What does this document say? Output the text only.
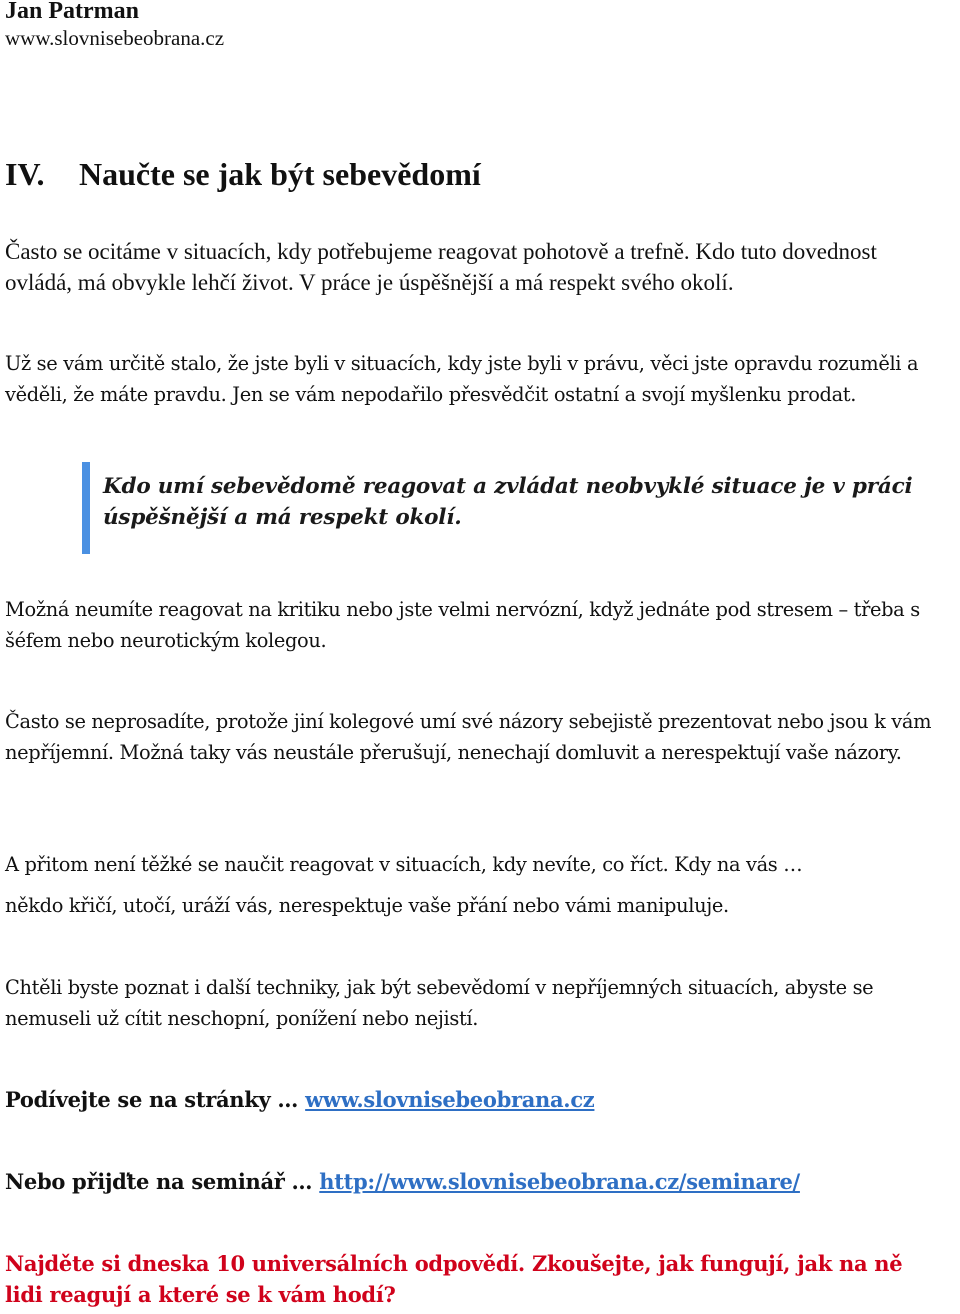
Jan Patrman
www.slovnisebeobrana.cz
IV. Naučte se jak být sebevědomí

Často se ocitáme v situacích, kdy potřebujeme reagovat pohotově a trefně. Kdo tuto dovednost ovládá, má obvykle lehčí život. V práce je úspěšnější a má respekt svého okolí.

Už se vám určitě stalo, že jste byli v situacích, kdy jste byli v právu, věci jste opravdu rozuměli a věděli, že máte pravdu. Jen se vám nepodařilo přesvědčit ostatní a svojí myšlenku prodat.

Kdo umí sebevědomě reagovat a zvládat neobvyklé situace je v práci úspěšnější a má respekt okolí.

Možná neumíte reagovat na kritiku nebo jste velmi nervózní, když jednáte pod stresem – třeba s šéfem nebo neurotickým kolegou.

Často se neprosadíte, protože jiní kolegové umí své názory sebejistě prezentovat nebo jsou k vám nepříjemní. Možná taky vás neustále přerušují, nenechají domluvit a nerespektují vaše názory.

A přitom není těžké se naučit reagovat v situacích, kdy nevíte, co říct. Kdy na vás …

někdo křičí, utočí, uráží vás, nerespektuje vaše přání nebo vámi manipuluje.

Chtěli byste poznat i další techniky, jak být sebevědomí v nepříjemných situacích, abyste se nemuseli už cítit neschopní, ponížení nebo nejistí.

Podívejte se na stránky … www.slovnisebeobrana.cz

Nebo přijďte na seminář … http://www.slovnisebeobrana.cz/seminare/

Najděte si dneska 10 universálních odpovědí. Zkoušejte, jak fungují, jak na ně lidi reagují a které se k vám hodí?
